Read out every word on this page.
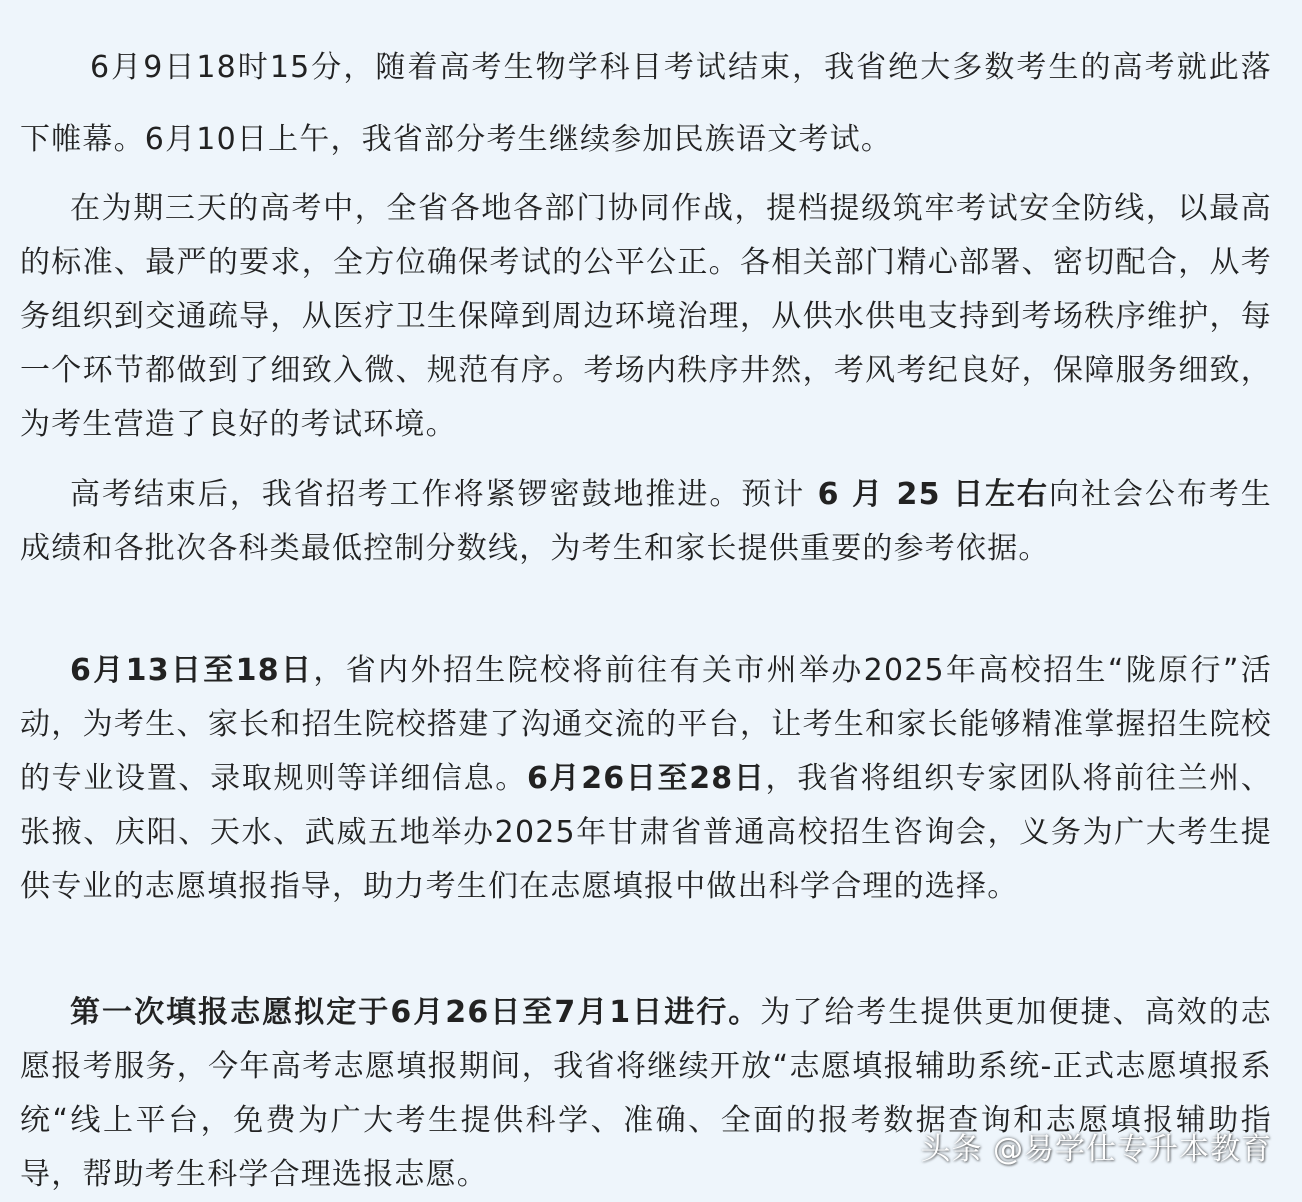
6月9日18时15分，随着高考生物学科目考试结束，我省绝大多数考生的高考就此落下帷幕。6月10日上午，我省部分考生继续参加民族语文考试。

在为期三天的高考中，全省各地各部门协同作战，提档提级筑牢考试安全防线，以最高的标准、最严的要求，全方位确保考试的公平公正。各相关部门精心部署、密切配合，从考务组织到交通疏导，从医疗卫生保障到周边环境治理，从供水供电支持到考场秩序维护，每一个环节都做到了细致入微、规范有序。考场内秩序井然，考风考纪良好，保障服务细致，为考生营造了良好的考试环境。

高考结束后，我省招考工作将紧锣密鼓地推进。预计 6 月 25 日左右向社会公布考生成绩和各批次各科类最低控制分数线，为考生和家长提供重要的参考依据。

6月13日至18日，省内外招生院校将前往有关市州举办2025年高校招生“陇原行”活动，为考生、家长和招生院校搭建了沟通交流的平台，让考生和家长能够精准掌握招生院校的专业设置、录取规则等详细信息。6月26日至28日，我省将组织专家团队将前往兰州、张掖、庆阳、天水、武威五地举办2025年甘肃省普通高校招生咨询会，义务为广大考生提供专业的志愿填报指导，助力考生们在志愿填报中做出科学合理的选择。

第一次填报志愿拟定于6月26日至7月1日进行。为了给考生提供更加便捷、高效的志愿报考服务，今年高考志愿填报期间，我省将继续开放“志愿填报辅助系统-正式志愿填报系统“线上平台，免费为广大考生提供科学、准确、全面的报考数据查询和志愿填报辅助指导，帮助考生科学合理选报志愿。

头条 @易学仕专升本教育
